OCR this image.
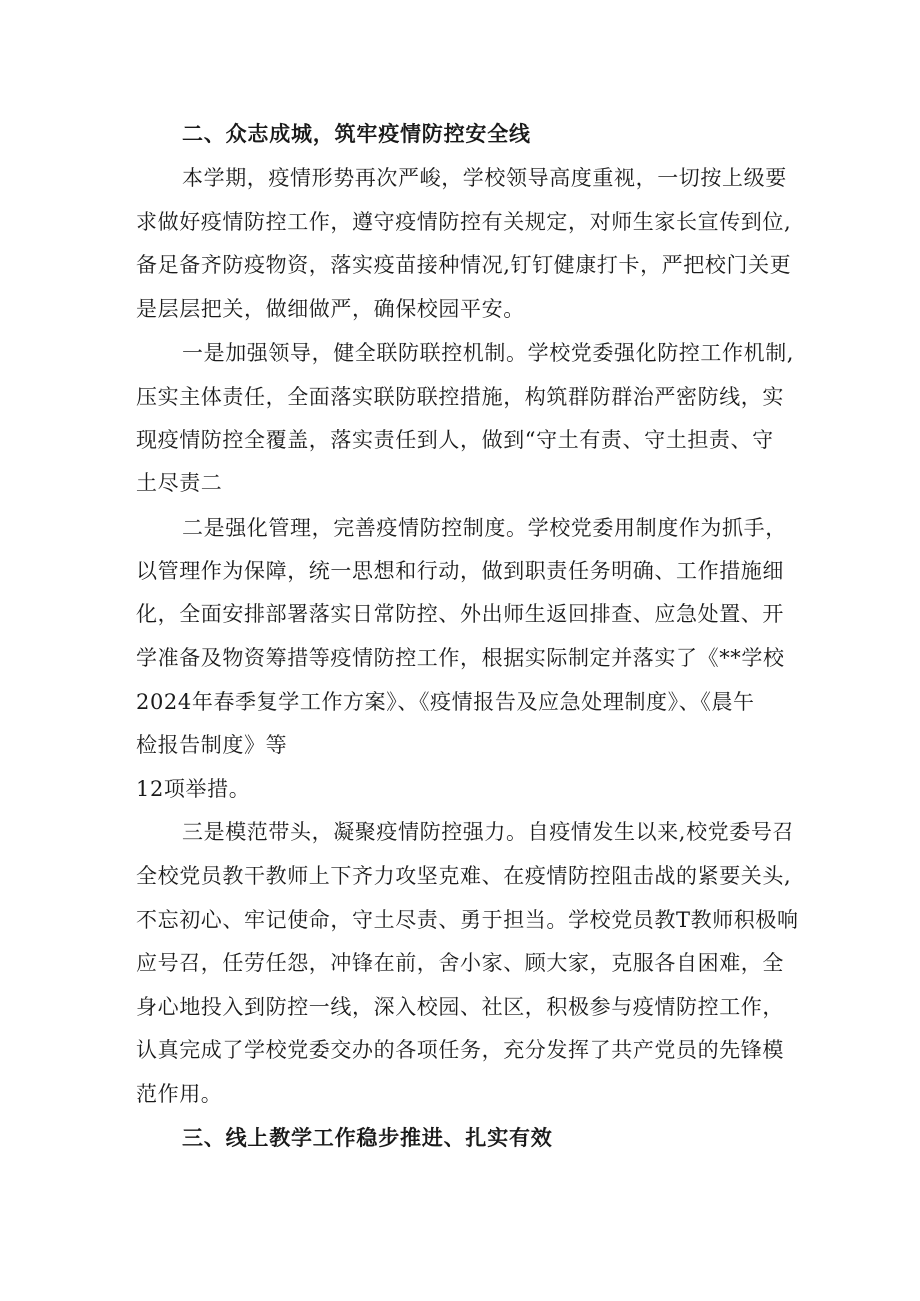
二、众志成城，筑牢疫情防控安全线
本学期，疫情形势再次严峻，学校领导高度重视，一切按上级要
求做好疫情防控工作，遵守疫情防控有关规定，对师生家长宣传到位,
备足备齐防疫物资，落实疫苗接种情况,钉钉健康打卡，严把校门关更
是层层把关，做细做严，确保校园平安。
一是加强领导，健全联防联控机制。学校党委强化防控工作机制,
压实主体责任，全面落实联防联控措施，构筑群防群治严密防线，实
现疫情防控全覆盖，落实责任到人，做到“守土有责、守土担责、守
土尽责二
二是强化管理，完善疫情防控制度。学校党委用制度作为抓手，
以管理作为保障，统一思想和行动，做到职责任务明确、工作措施细
化，全面安排部署落实日常防控、外出师生返回排查、应急处置、开
学准备及物资筹措等疫情防控工作，根据实际制定并落实了《**学校
2024年春季复学工作方案》、《疫情报告及应急处理制度》、《晨午
检报告制度》等
12项举措。
三是模范带头，凝聚疫情防控强力。自疫情发生以来,校党委号召
全校党员教干教师上下齐力攻坚克难、在疫情防控阻击战的紧要关头,
不忘初心、牢记使命，守土尽责、勇于担当。学校党员教T教师积极响
应号召，任劳任怨，冲锋在前，舍小家、顾大家，克服各自困难，全
身心地投入到防控一线，深入校园、社区，积极参与疫情防控工作，
认真完成了学校党委交办的各项任务，充分发挥了共产党员的先锋模
范作用。
三、线上教学工作稳步推进、扎实有效
